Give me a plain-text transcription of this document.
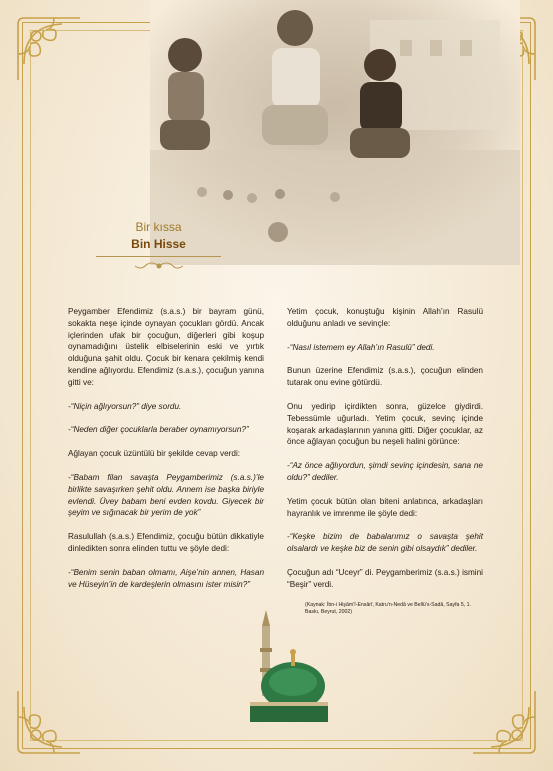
Bir kıssa
Bin Hisse

Peygamber Efendimiz (s.a.s.) bir bayram günü, sokakta neşe içinde oynayan çocukları gördü. Ancak içlerinden ufak bir çocuğun, diğerleri gibi koşup oynamadığını üstelik elbiselerinin eski ve yırtık olduğuna şahit oldu. Çocuk bir kenara çekilmiş kendi kendine ağlıyordu. Efendimiz (s.a.s.), çocuğun yanına gitti ve:

-“Niçin ağlıyorsun?” diye sordu.

-“Neden diğer çocuklarla beraber oynamıyorsun?”

Ağlayan çocuk üzüntülü bir şekilde cevap verdi:

-“Babam filan savaşta Peygamberimiz (s.a.s.)’le birlikte savaşırken şehit oldu. Annem ise başka biriyle evlendi. Üvey babam beni evden kovdu. Giyecek bir şeyim ve sığınacak bir yerim de yok”

Rasulullah (s.a.s.) Efendimiz, çocuğu bütün dikkatiyle dinledikten sonra elinden tuttu ve şöyle dedi:

-“Benim senin baban olmamı, Aişe’nin annen, Hasan ve Hüseyin’in de kardeşlerin olmasını ister misin?”

Yetim çocuk, konuştuğu kişinin Allah’ın Rasulü olduğunu anladı ve sevinçle:

-“Nasıl istemem ey Allah’ın Rasulü” dedi.

Bunun üzerine Efendimiz (s.a.s.), çocuğun elinden tutarak onu evine götürdü.

Onu yedirip içirdikten sonra, güzelce giydirdi. Tebessümle uğurladı. Yetim çocuk, sevinç içinde koşarak arkadaşlarının yanına gitti. Diğer çocuklar, az önce ağlayan çocuğun bu neşeli halini görünce:

-“Az önce ağlıyordun, şimdi sevinç içindesin, sana ne oldu?” dediler.

Yetim çocuk bütün olan biteni anlatınca, arkadaşları hayranlık ve imrenme ile şöyle dedi:

-“Keşke bizim de babalarımız o savaşta şehit olsalardı ve keşke biz de senin gibi olsaydık” dediler.

Çocuğun adı “Uceyr” di. Peygamberimiz (s.a.s.) ismini “Beşir” verdi.

(Kaynak: İbn-i Hişâm’î-Ensârî, Katru’n-Nedâ ve Bellü’s-Sadâ, Sayfa 5, 1. Baskı, Beyrut, 2002)
